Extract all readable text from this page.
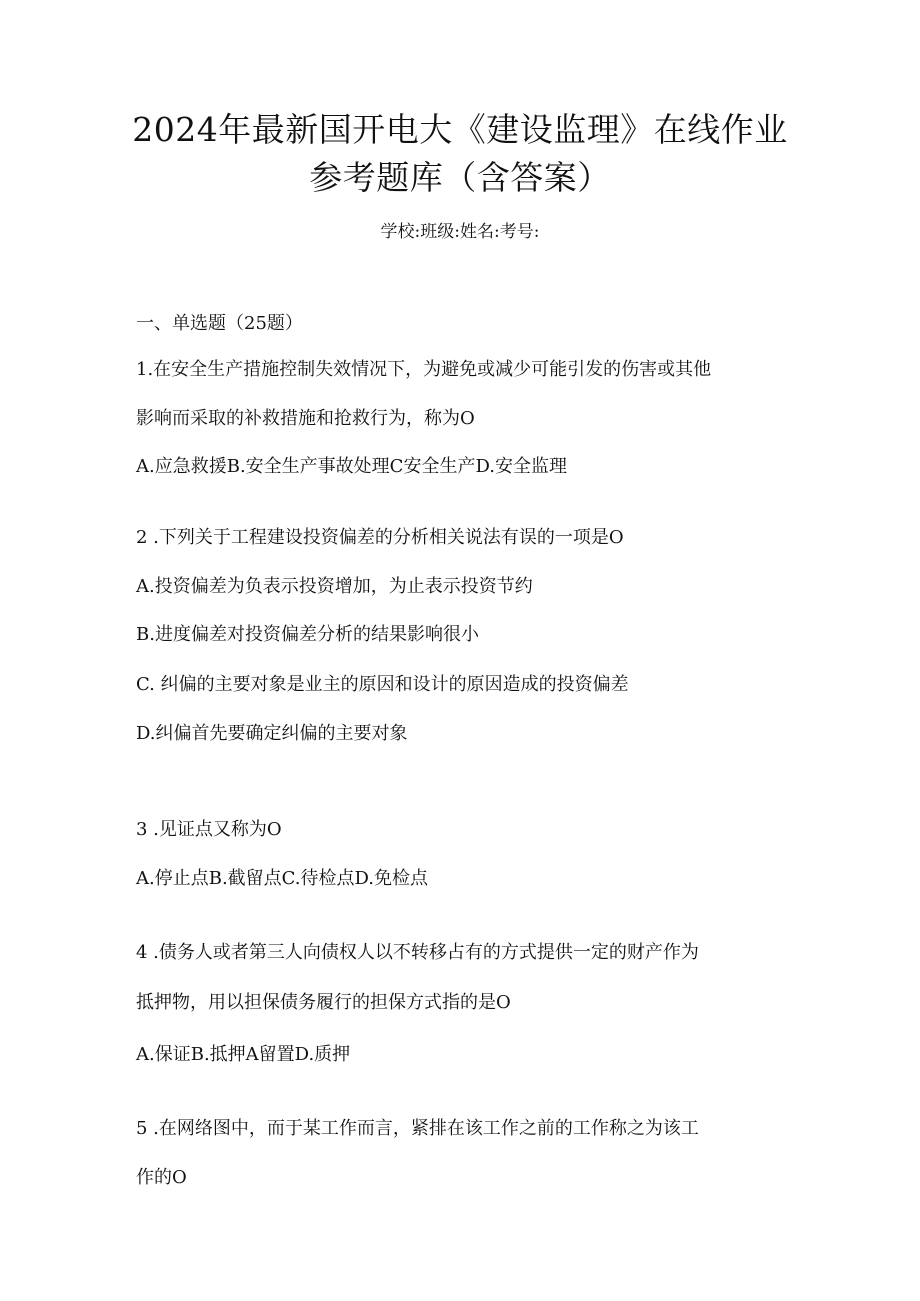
2024年最新国开电大《建设监理》在线作业
参考题库（含答案）
学校:班级:姓名:考号:

一、单选题（25题）

1.在安全生产措施控制失效情况下，为避免或减少可能引发的伤害或其他

影响而采取的补救措施和抢救行为，称为O

A.应急救援B.安全生产事故处理C安全生产D.安全监理

2 .下列关于工程建设投资偏差的分析相关说法有误的一项是O

A.投资偏差为负表示投资增加，为止表示投资节约

B.进度偏差对投资偏差分析的结果影响很小

C. 纠偏的主要对象是业主的原因和设计的原因造成的投资偏差

D.纠偏首先要确定纠偏的主要对象

3 .见证点又称为O

A.停止点B.截留点C.待检点D.免检点

4 .债务人或者第三人向债权人以不转移占有的方式提供一定的财产作为

抵押物，用以担保债务履行的担保方式指的是O

A.保证B.抵押A留置D.质押

5 .在网络图中，而于某工作而言，紧排在该工作之前的工作称之为该工

作的O
